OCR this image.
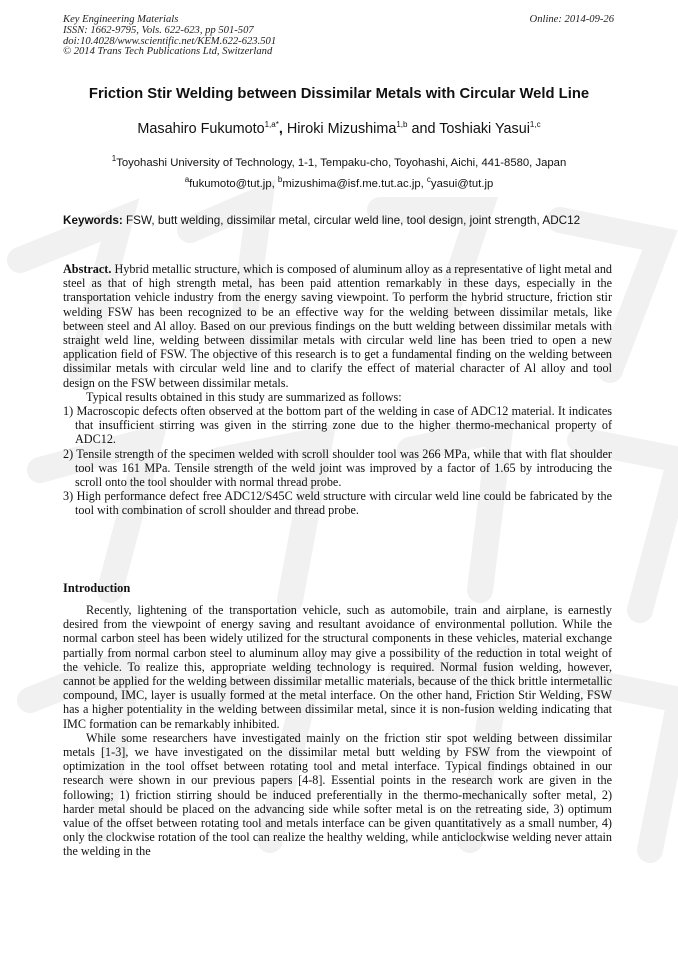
Key Engineering Materials
ISSN: 1662-9795, Vols. 622-623, pp 501-507
doi:10.4028/www.scientific.net/KEM.622-623.501
© 2014 Trans Tech Publications Ltd, Switzerland
Online: 2014-09-26
Friction Stir Welding between Dissimilar Metals with Circular Weld Line
Masahiro Fukumoto$^{1,a*}$, Hiroki Mizushima$^{1,b}$ and Toshiaki Yasui$^{1,c}$
$^1$Toyohashi University of Technology, 1-1, Tempaku-cho, Toyohashi, Aichi, 441-8580, Japan
$^a$fukumoto@tut.jp, $^b$mizushima@isf.me.tut.ac.jp, $^c$yasui@tut.jp
Keywords: FSW, butt welding, dissimilar metal, circular weld line, tool design, joint strength, ADC12

Abstract. Hybrid metallic structure, which is composed of aluminum alloy as a representative of light metal and steel as that of high strength metal, has been paid attention remarkably in these days, especially in the transportation vehicle industry from the energy saving viewpoint. To perform the hybrid structure, friction stir welding FSW has been recognized to be an effective way for the welding between dissimilar metals, like between steel and Al alloy. Based on our previous findings on the butt welding between dissimilar metals with straight weld line, welding between dissimilar metals with circular weld line has been tried to open a new application field of FSW. The objective of this research is to get a fundamental finding on the welding between dissimilar metals with circular weld line and to clarify the effect of material character of Al alloy and tool design on the FSW between dissimilar metals.

Typical results obtained in this study are summarized as follows:

1) Macroscopic defects often observed at the bottom part of the welding in case of ADC12 material. It indicates that insufficient stirring was given in the stirring zone due to the higher thermo-mechanical property of ADC12.

2) Tensile strength of the specimen welded with scroll shoulder tool was 266 MPa, while that with flat shoulder tool was 161 MPa. Tensile strength of the weld joint was improved by a factor of 1.65 by introducing the scroll onto the tool shoulder with normal thread probe.

3) High performance defect free ADC12/S45C weld structure with circular weld line could be fabricated by the tool with combination of scroll shoulder and thread probe.

Introduction

Recently, lightening of the transportation vehicle, such as automobile, train and airplane, is earnestly desired from the viewpoint of energy saving and resultant avoidance of environmental pollution. While the normal carbon steel has been widely utilized for the structural components in these vehicles, material exchange partially from normal carbon steel to aluminum alloy may give a possibility of the reduction in total weight of the vehicle. To realize this, appropriate welding technology is required. Normal fusion welding, however, cannot be applied for the welding between dissimilar metallic materials, because of the thick brittle intermetallic compound, IMC, layer is usually formed at the metal interface. On the other hand, Friction Stir Welding, FSW has a higher potentiality in the welding between dissimilar metal, since it is non-fusion welding indicating that IMC formation can be remarkably inhibited.

While some researchers have investigated mainly on the friction stir spot welding between dissimilar metals [1-3], we have investigated on the dissimilar metal butt welding by FSW from the viewpoint of optimization in the tool offset between rotating tool and metal interface. Typical findings obtained in our research were shown in our previous papers [4-8]. Essential points in the research work are given in the following; 1) friction stirring should be induced preferentially in the thermo-mechanically softer metal, 2) harder metal should be placed on the advancing side while softer metal is on the retreating side, 3) optimum value of the offset between rotating tool and metals interface can be given quantitatively as a small number, 4) only the clockwise rotation of the tool can realize the healthy welding, while anticlockwise welding never attain the welding in the
